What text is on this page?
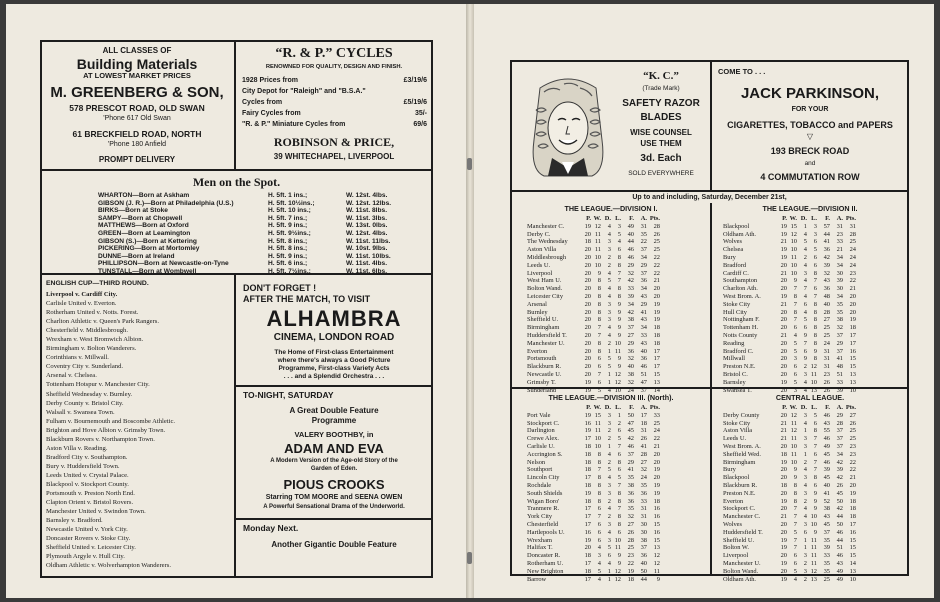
ALL CLASSES OF
Building Materials
AT LOWEST MARKET PRICES
M. GREENBERG & SON,
578 PRESCOT ROAD, OLD SWAN
'Phone 617 Old Swan
61 BRECKFIELD ROAD, NORTH
'Phone 180 Anfield
PROMPT DELIVERY
“R. & P.” CYCLES
RENOWNED FOR QUALITY, DESIGN AND FINISH.
1928 Prices from	£3/19/6
City Depot for "Raleigh" and "B.S.A."
Cycles from	£5/19/6
Fairy Cycles from	35/-
"R. & P." Miniature Cycles from	69/6
ROBINSON & PRICE,
39 WHITECHAPEL, LIVERPOOL
Men on the Spot.
WHARTON—Born at Askham	H. 5ft. 1 ins.;	W. 12st. 4lbs.
GIBSON (J. R.)—Born at Philadelphia (U.S.)	H. 5ft. 10½ins.;	W. 12st. 12lbs.
BIRKS—Born at Stoke	H. 5ft. 10 ins.;	W. 11st. 8lbs.
SAMPY—Born at Chopwell	H. 5ft. 7 ins.;	W. 11st. 3lbs.
MATTHEWS—Born at Oxford	H. 5ft. 9 ins.;	W. 13st. 0lbs.
GREEN—Born at Leamington	H. 5ft. 9½ins.;	W. 12st. 4lbs.
GIBSON (S.)—Born at Kettering	H. 5ft. 8 ins.;	W. 11st. 11lbs.
PICKERING—Born at Mortomley	H. 5ft. 8 ins.;	W. 10st. 9lbs.
DUNNE—Born at Ireland	H. 5ft. 9 ins.;	W. 11st. 10lbs.
PHILLIPSON—Born at Newcastle-on-Tyne	H. 5ft. 6 ins.;	W. 11st. 4lbs.
TUNSTALL—Born at Wombwell	H. 5ft. 7½ins.;	W. 11st. 6lbs.
ENGLISH CUP—THIRD ROUND.
Liverpool v. Cardiff City.
Carlisle United v. Everton.
Rotherham United v. Notts. Forest.
Charlton Athletic v. Queen's Park Rangers.
Chesterfield v. Middlesbrough.
Wrexham v. West Bromwich Albion.
Birmingham v. Bolton Wanderers.
Corinthians v. Millwall.
Coventry City v. Sunderland.
Arsenal v. Chelsea.
Tottenham Hotspur v. Manchester City.
Sheffield Wednesday v. Burnley.
Derby County v. Bristol City.
Walsall v. Swansea Town.
Fulham v. Bournemouth and Boscombe Athletic.
Brighton and Hove Albion v. Grimsby Town.
Blackburn Rovers v. Northampton Town.
Aston Villa v. Reading.
Bradford City v. Southampton.
Bury v. Huddersfield Town.
Leeds United v. Crystal Palace.
Blackpool v. Stockport County.
Portsmouth v. Preston North End.
Clapton Orient v. Bristol Rovers.
Manchester United v. Swindon Town.
Barnsley v. Bradford.
Newcastle United v. York City.
Doncaster Rovers v. Stoke City.
Sheffield United v. Leicester City.
Plymouth Argyle v. Hull City.
Oldham Athletic v. Wolverhampton Wanderers.
DON'T FORGET !
AFTER THE MATCH, TO VISIT
ALHAMBRA
CINEMA, LONDON ROAD
The Home of First-class Entertainment
where there's always a Good Picture
Programme, First-class Variety Acts
. . . and a Splendid Orchestra . . .
TO-NIGHT, SATURDAY
A Great Double Feature
Programme
VALERY BOOTHBY, in
ADAM AND EVA
A Modern Version of the Age-old Story of the
Garden of Eden.
PIOUS CROOKS
Starring TOM MOORE and SEENA OWEN
A Powerful Sensational Drama of the Underworld.
Monday Next.
Another Gigantic Double Feature
“K. C.”
(Trade Mark)
SAFETY RAZOR
BLADES
WISE COUNSEL
USE THEM
3d. Each
SOLD EVERYWHERE
COME TO . . .
JACK PARKINSON,
FOR YOUR
CIGARETTES, TOBACCO and PAPERS
▽
193 BRECK ROAD
and
4 COMMUTATION ROW
Up to and including, Saturday, December 21st,
THE LEAGUE.—DIVISION I.	THE LEAGUE.—DIVISION II.
THE LEAGUE.—DIVISION III. (North).	CENTRAL LEAGUE.
P. W. D. L.	F.	A. Pts.
Manchester C.	19 12	4	3	49	31	28
Derby C.	20 11	4	5	40	35	26
The Wednesday	18 11	3	4	44	22	25
Aston Villa	20 11	3	6	46	37	25
Middlesbrough	20 10	2	8	46	34	22
Leeds U.	20 10	2	8	29	29	22
Liverpool	20	9	4	7	32	37	22
West Ham U.	20	8	5	7	42	36	21
Bolton Wand.	20	8	4	8	33	34	20
Leicester City	20	8	4	8	39	43	20
Arsenal	20	8	3	9	34	29	19
Burnley	20	8	3	9	42	41	19
Sheffield U.	20	8	3	9	38	43	19
Birmingham	20	7	4	9	37	34	18
Huddersfield T.	20	7	4	9	27	33	18
Manchester U.	20	8	2 10	29	43	18
Everton	20	8	1 11	36	40	17
Portsmouth	20	6	5	9	32	36	17
Blackburn R.	20	6	5	9	40	46	17
Newcastle U.	20	7	1 12	38	51	15
Grimsby T.	19	6	1 12	32	47	13
Sunderland	19	5	4 10	24	37	14
P. W. D. L.	F.	A. Pts.
Blackpool	19 15	1	3	57	31	31
Oldham Ath.	19 12	4	3	44	23	28
Wolves	21 10	5	6	41	33	25
Chelsea	19 10	4	5	36	21	24
Bury	19 11	2	6	42	34	24
Bradford	20 10	4	6	39	34	24
Cardiff C.	21 10	3	8	32	30	23
Southampton	20	9	4	7	43	39	22
Charlton Ath.	20	7	7	6	36	30	21
West Brom. A.	19	8	4	7	48	34	20
Stoke City	21	7	6	8	40	35	20
Hull City	20	8	4	8	28	35	20
Nottingham F.	20	7	5	8	27	38	19
Tottenham H.	20	6	6	8	25	32	18
Notts County	21	4	9	8	25	37	17
Reading	20	5	7	8	24	29	17
Bradford C.	20	5	6	9	31	37	16
Millwall	20	3	9	8	31	41	15
Preston N.E.	20	6	2 12	31	48	15
Bristol C.	20	6	3 11	23	51	13
Barnsley	19	5	4 10	26	33	13
Swansea T.	20	3	4 13	26	39	10
P. W. D. L.	F.	A. Pts.
Port Vale	19 15	3	1	50	17	33
Stockport C.	16 11	3	2	47	18	25
Darlington	19 11	2	6	45	31	24
Crewe Alex.	17 10	2	5	42	26	22
Carlisle U.	18 10	1	7	46	41	21
Accrington S.	18	8	4	6	37	28	20
Nelson	18	8	2	8	29	27	20
Southport	18	7	5	6	41	32	19
Lincoln City	17	8	4	5	35	24	20
Rochdale	18	8	3	7	38	35	19
South Shields	19	8	3	8	36	36	19
Wigan Boro'	18	8	2	8	36	33	18
Tranmere R.	17	6	4	7	35	31	16
York City	17	7	2	8	32	31	16
Chesterfield	17	6	3	8	27	30	15
Hartlepools U.	16	6	4	6	26	30	16
Wrexham	19	6	3 10	28	38	15
Halifax T.	20	4	5 11	25	37	13
Doncaster R.	18	3	6	9	23	36	12
Rotherham U.	17	4	4	9	22	40	12
New Brighton	18	5	1 12	19	50	11
Barrow	17	4	1 12	18	44	9
P. W. D. L.	F.	A. Pts.
Derby County	20 12	3	5	46	29	27
Stoke City	21 11	4	6	43	28	26
Aston Villa	21 12	1	8	55	37	25
Leeds U.	21 11	3	7	46	37	25
West Brom. A.	20 10	3	7	49	37	23
Sheffield Wed.	18 11	1	6	45	34	23
Birmingham	19 10	2	7	46	42	22
Bury	20	9	4	7	39	39	22
Blackpool	20	9	3	8	45	42	21
Blackburn R.	18	8	4	6	40	26	20
Preston N.E.	20	8	3	9	41	45	19
Everton	19	8	2	9	52	50	18
Stockport C.	20	7	4	9	38	42	18
Manchester C.	21	7	4 10	43	44	18
Wolves	20	7	3 10	45	50	17
Huddersfield T.	20	5	6	9	37	46	16
Sheffield U.	19	7	1 11	35	44	15
Bolton W.	19	7	1 11	39	51	15
Liverpool	20	6	3 11	33	46	15
Manchester U.	19	6	2 11	35	43	14
Bolton Wand.	20	5	3 12	35	49	13
Oldham Ath.	19	4	2 13	25	49	10
